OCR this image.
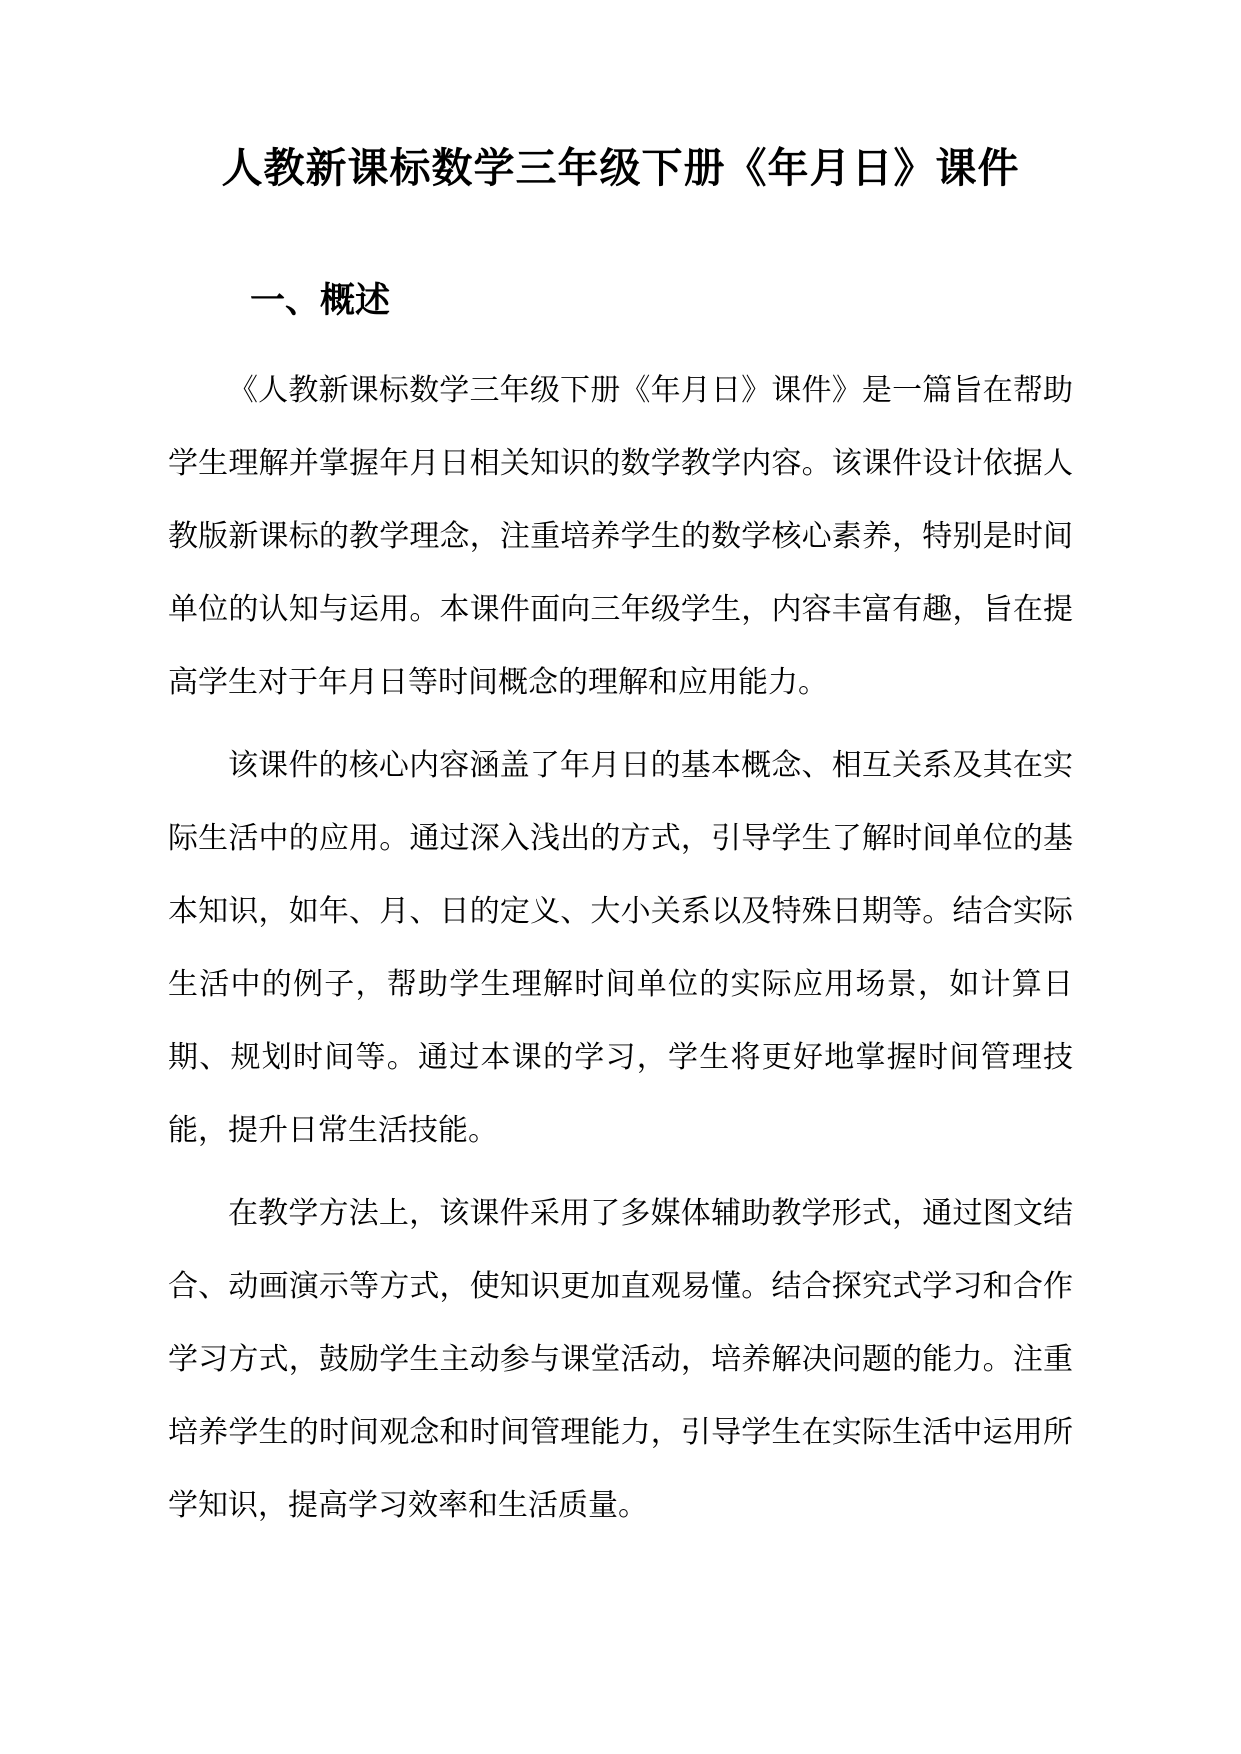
人教新课标数学三年级下册《年月日》课件
一、概述

《人教新课标数学三年级下册《年月日》课件》是一篇旨在帮助学生理解并掌握年月日相关知识的数学教学内容。该课件设计依据人教版新课标的教学理念，注重培养学生的数学核心素养，特别是时间单位的认知与运用。本课件面向三年级学生，内容丰富有趣，旨在提高学生对于年月日等时间概念的理解和应用能力。

该课件的核心内容涵盖了年月日的基本概念、相互关系及其在实际生活中的应用。通过深入浅出的方式，引导学生了解时间单位的基本知识，如年、月、日的定义、大小关系以及特殊日期等。结合实际生活中的例子，帮助学生理解时间单位的实际应用场景，如计算日期、规划时间等。通过本课的学习，学生将更好地掌握时间管理技能，提升日常生活技能。

在教学方法上，该课件采用了多媒体辅助教学形式，通过图文结合、动画演示等方式，使知识更加直观易懂。结合探究式学习和合作学习方式，鼓励学生主动参与课堂活动，培养解决问题的能力。注重培养学生的时间观念和时间管理能力，引导学生在实际生活中运用所学知识，提高学习效率和生活质量。
